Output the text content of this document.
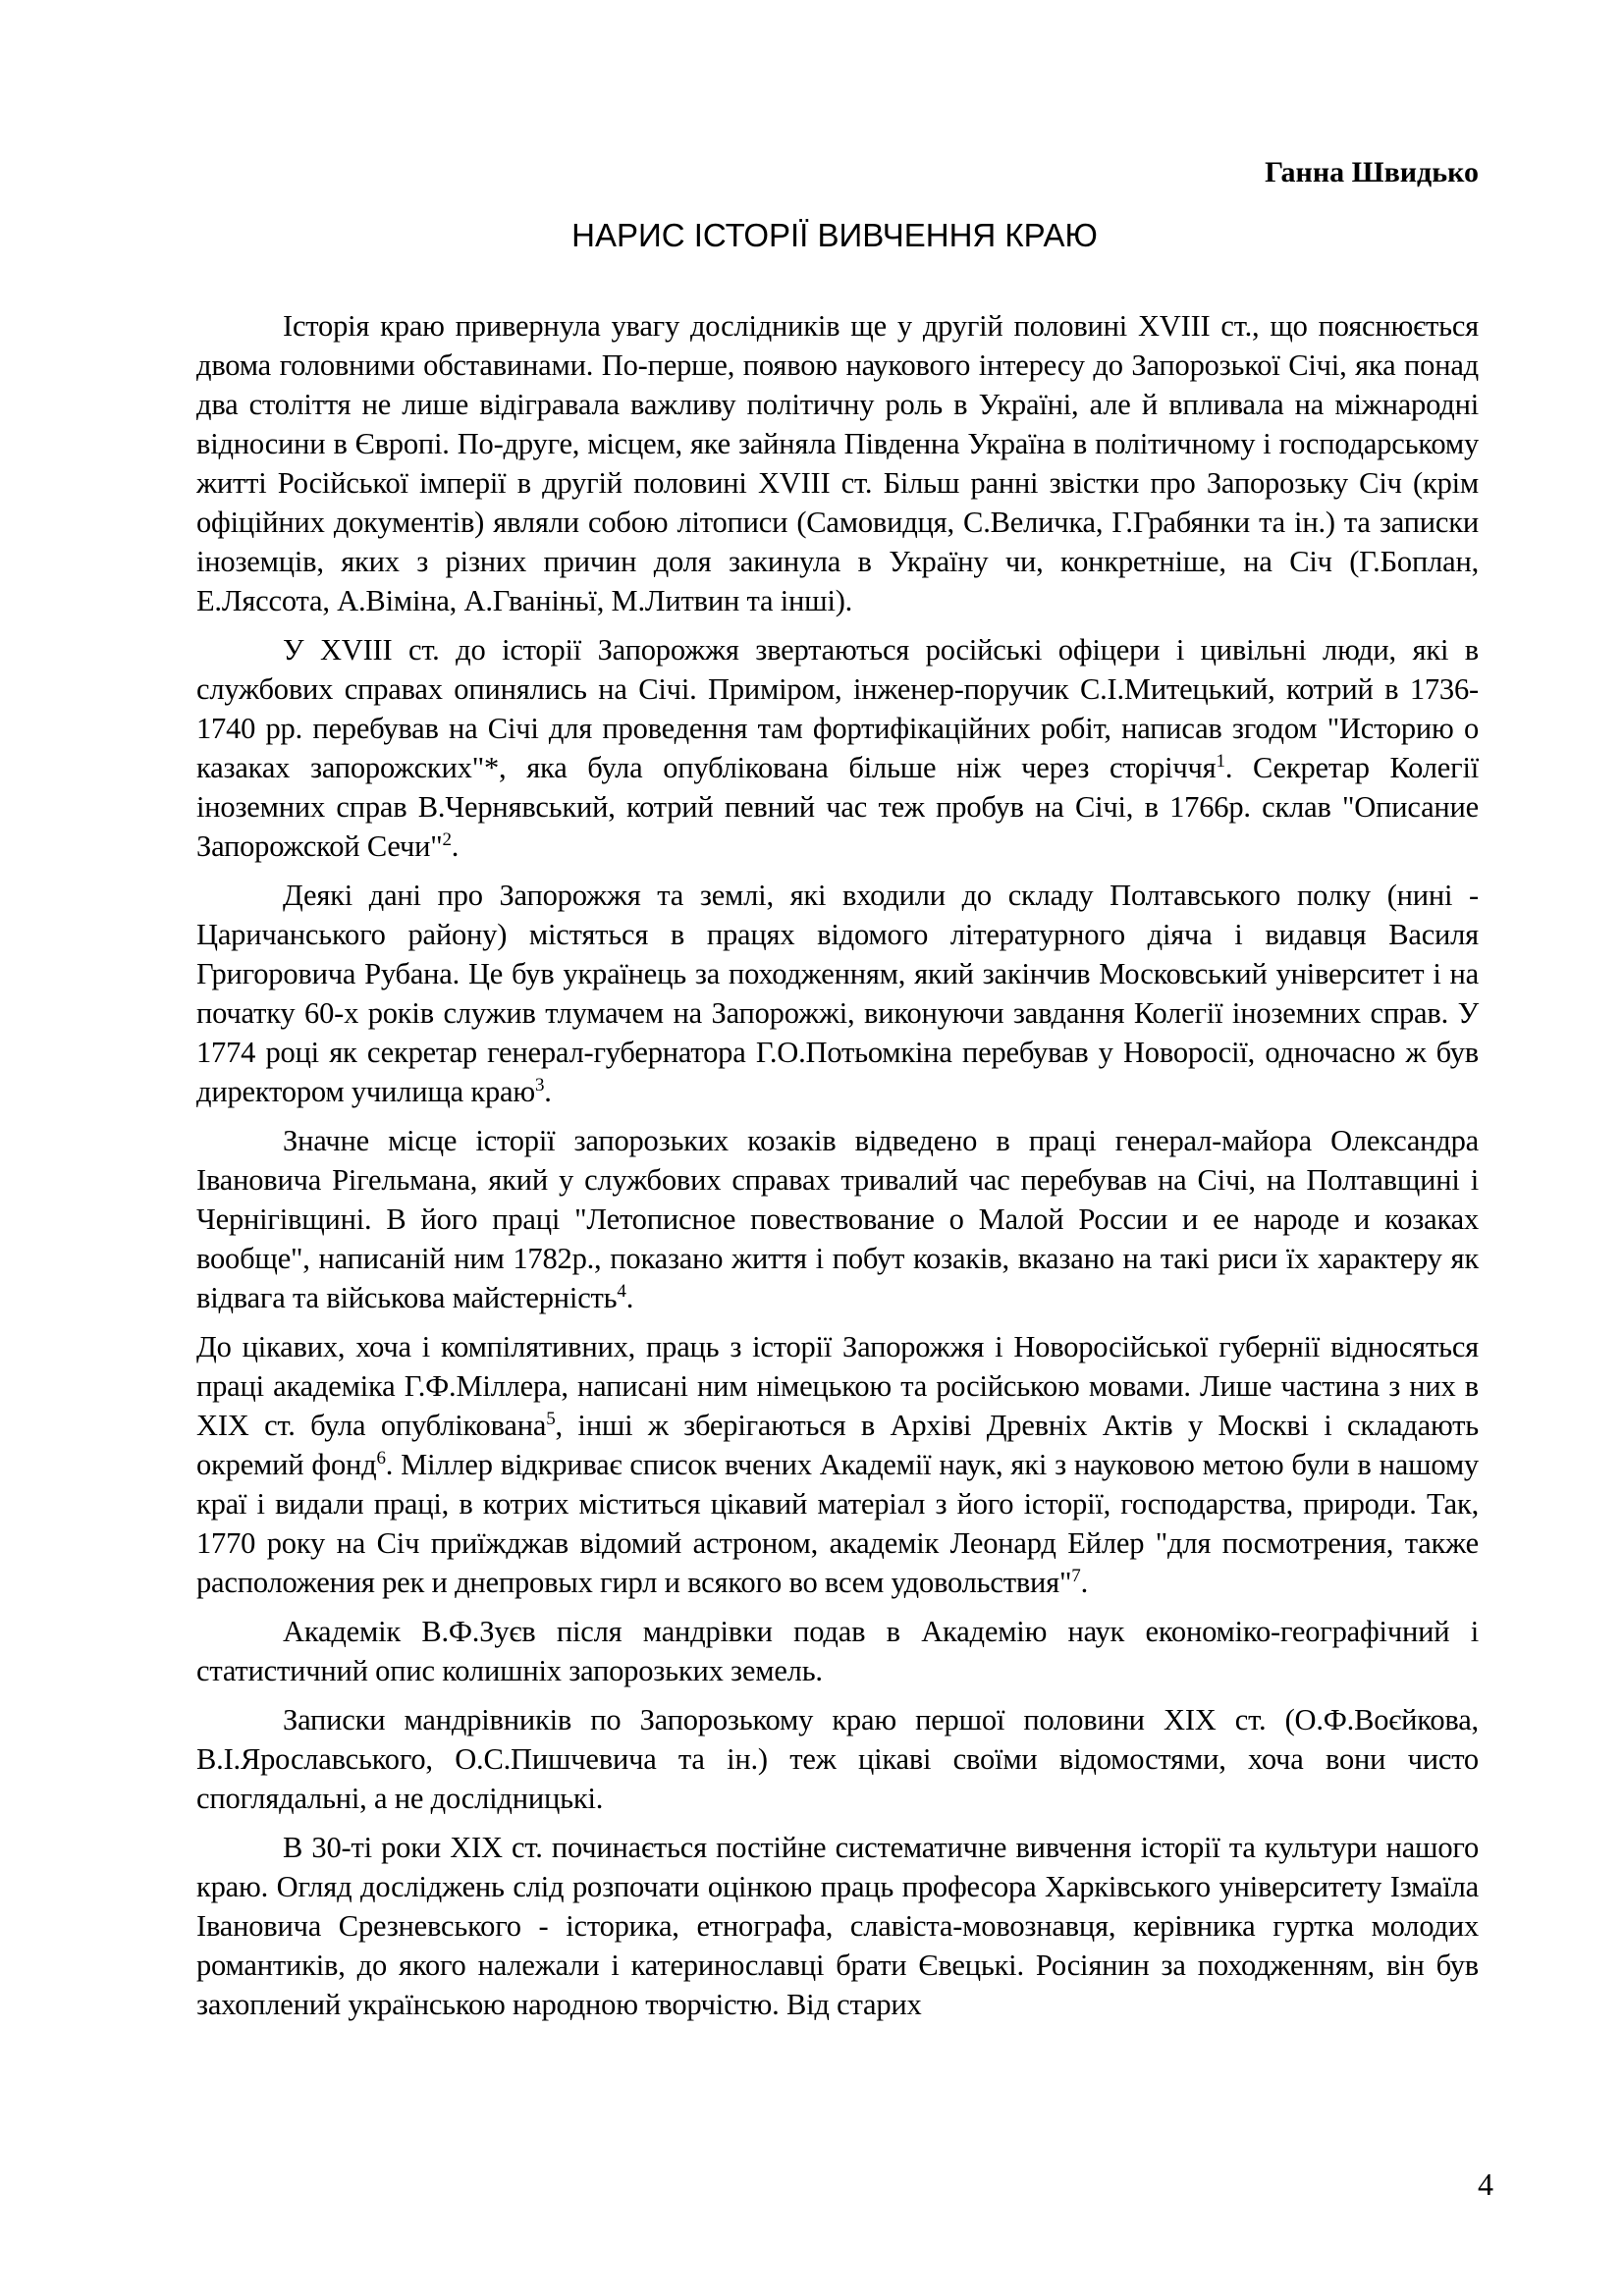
Ганна Швидько
НАРИС ІСТОРІЇ ВИВЧЕННЯ КРАЮ

Історія краю привернула увагу дослідників ще у другій половині XVIII ст., що пояснюється двома головними обставинами. По-перше, появою наукового інтересу до Запорозької Січі, яка понад два століття не лише відігравала важливу політичну роль в Україні, але й впливала на міжнародні відносини в Європі. По-друге, місцем, яке зайняла Південна Україна в політичному і господарському житті Російської імперії в другій половині XVIII ст. Більш ранні звістки про Запорозьку Січ (крім офіційних документів) являли собою літописи (Самовидця, С.Величка, Г.Грабянки та ін.) та записки іноземців, яких з різних причин доля закинула в Україну чи, конкретніше, на Січ (Г.Боплан, Е.Ляссота, А.Віміна, А.Гваніньї, М.Литвин та інші).

У XVIII ст. до історії Запорожжя звертаються російські офіцери і цивільні люди, які в службових справах опинялись на Січі. Приміром, інженер-поручик С.І.Митецький, котрий в 1736-1740 рр. перебував на Січі для проведення там фортифікаційних робіт, написав згодом "Историю о казаках запорожских"*, яка була опублікована більше ніж через сторіччя$^1$. Секретар Колегії іноземних справ В.Чернявський, котрий певний час теж пробув на Січі, в 1766р. склав "Описание Запорожской Сечи"$^2$.

Деякі дані про Запорожжя та землі, які входили до складу Полтавського полку (нині - Царичанського району) містяться в працях відомого літературного діяча і видавця Василя Григоровича Рубана. Це був українець за походженням, який закінчив Московський університет і на початку 60-х років служив тлумачем на Запорожжі, виконуючи завдання Колегії іноземних справ. У 1774 році як секретар генерал-губернатора Г.О.Потьомкіна перебував у Новоросії, одночасно ж був директором училища краю$^3$.

Значне місце історії запорозьких козаків відведено в праці генерал-майора Олександра Івановича Рігельмана, який у службових справах тривалий час перебував на Січі, на Полтавщині і Чернігівщині. В його праці "Летописное повествование о Малой России и ее народе и козаках вообще", написаній ним 1782р., показано життя і побут козаків, вказано на такі риси їх характеру як відвага та військова майстерність$^4$.

До цікавих, хоча і компілятивних, праць з історії Запорожжя і Новоросійської губернії відносяться праці академіка Г.Ф.Міллера, написані ним німецькою та російською мовами. Лише частина з них в XIX ст. була опублікована$^5$, інші ж зберігаються в Архіві Древніх Актів у Москві і складають окремий фонд$^6$. Міллер відкриває список вчених Академії наук, які з науковою метою були в нашому краї і видали праці, в котрих міститься цікавий матеріал з його історії, господарства, природи. Так, 1770 року на Січ приїжджав відомий астроном, академік Леонард Ейлер "для посмотрения, также расположения рек и днепровых гирл и всякого во всем удовольствия"$^7$.

Академік В.Ф.Зуєв після мандрівки подав в Академію наук економіко-географічний і статистичний опис колишніх запорозьких земель.

Записки мандрівників по Запорозькому краю першої половини XIX ст. (О.Ф.Воєйкова, В.І.Ярославського, О.С.Пишчевича та ін.) теж цікаві своїми відомостями, хоча вони чисто споглядальні, а не дослідницькі.

В 30-ті роки XIX ст. починається постійне систематичне вивчення історії та культури нашого краю. Огляд досліджень слід розпочати оцінкою праць професора Харківського університету Ізмаїла Івановича Срезневського - історика, етнографа, славіста-мовознавця, керівника гуртка молодих романтиків, до якого належали і катеринославці брати Євецькі. Росіянин за походженням, він був захоплений українською народною творчістю. Від старих

4
